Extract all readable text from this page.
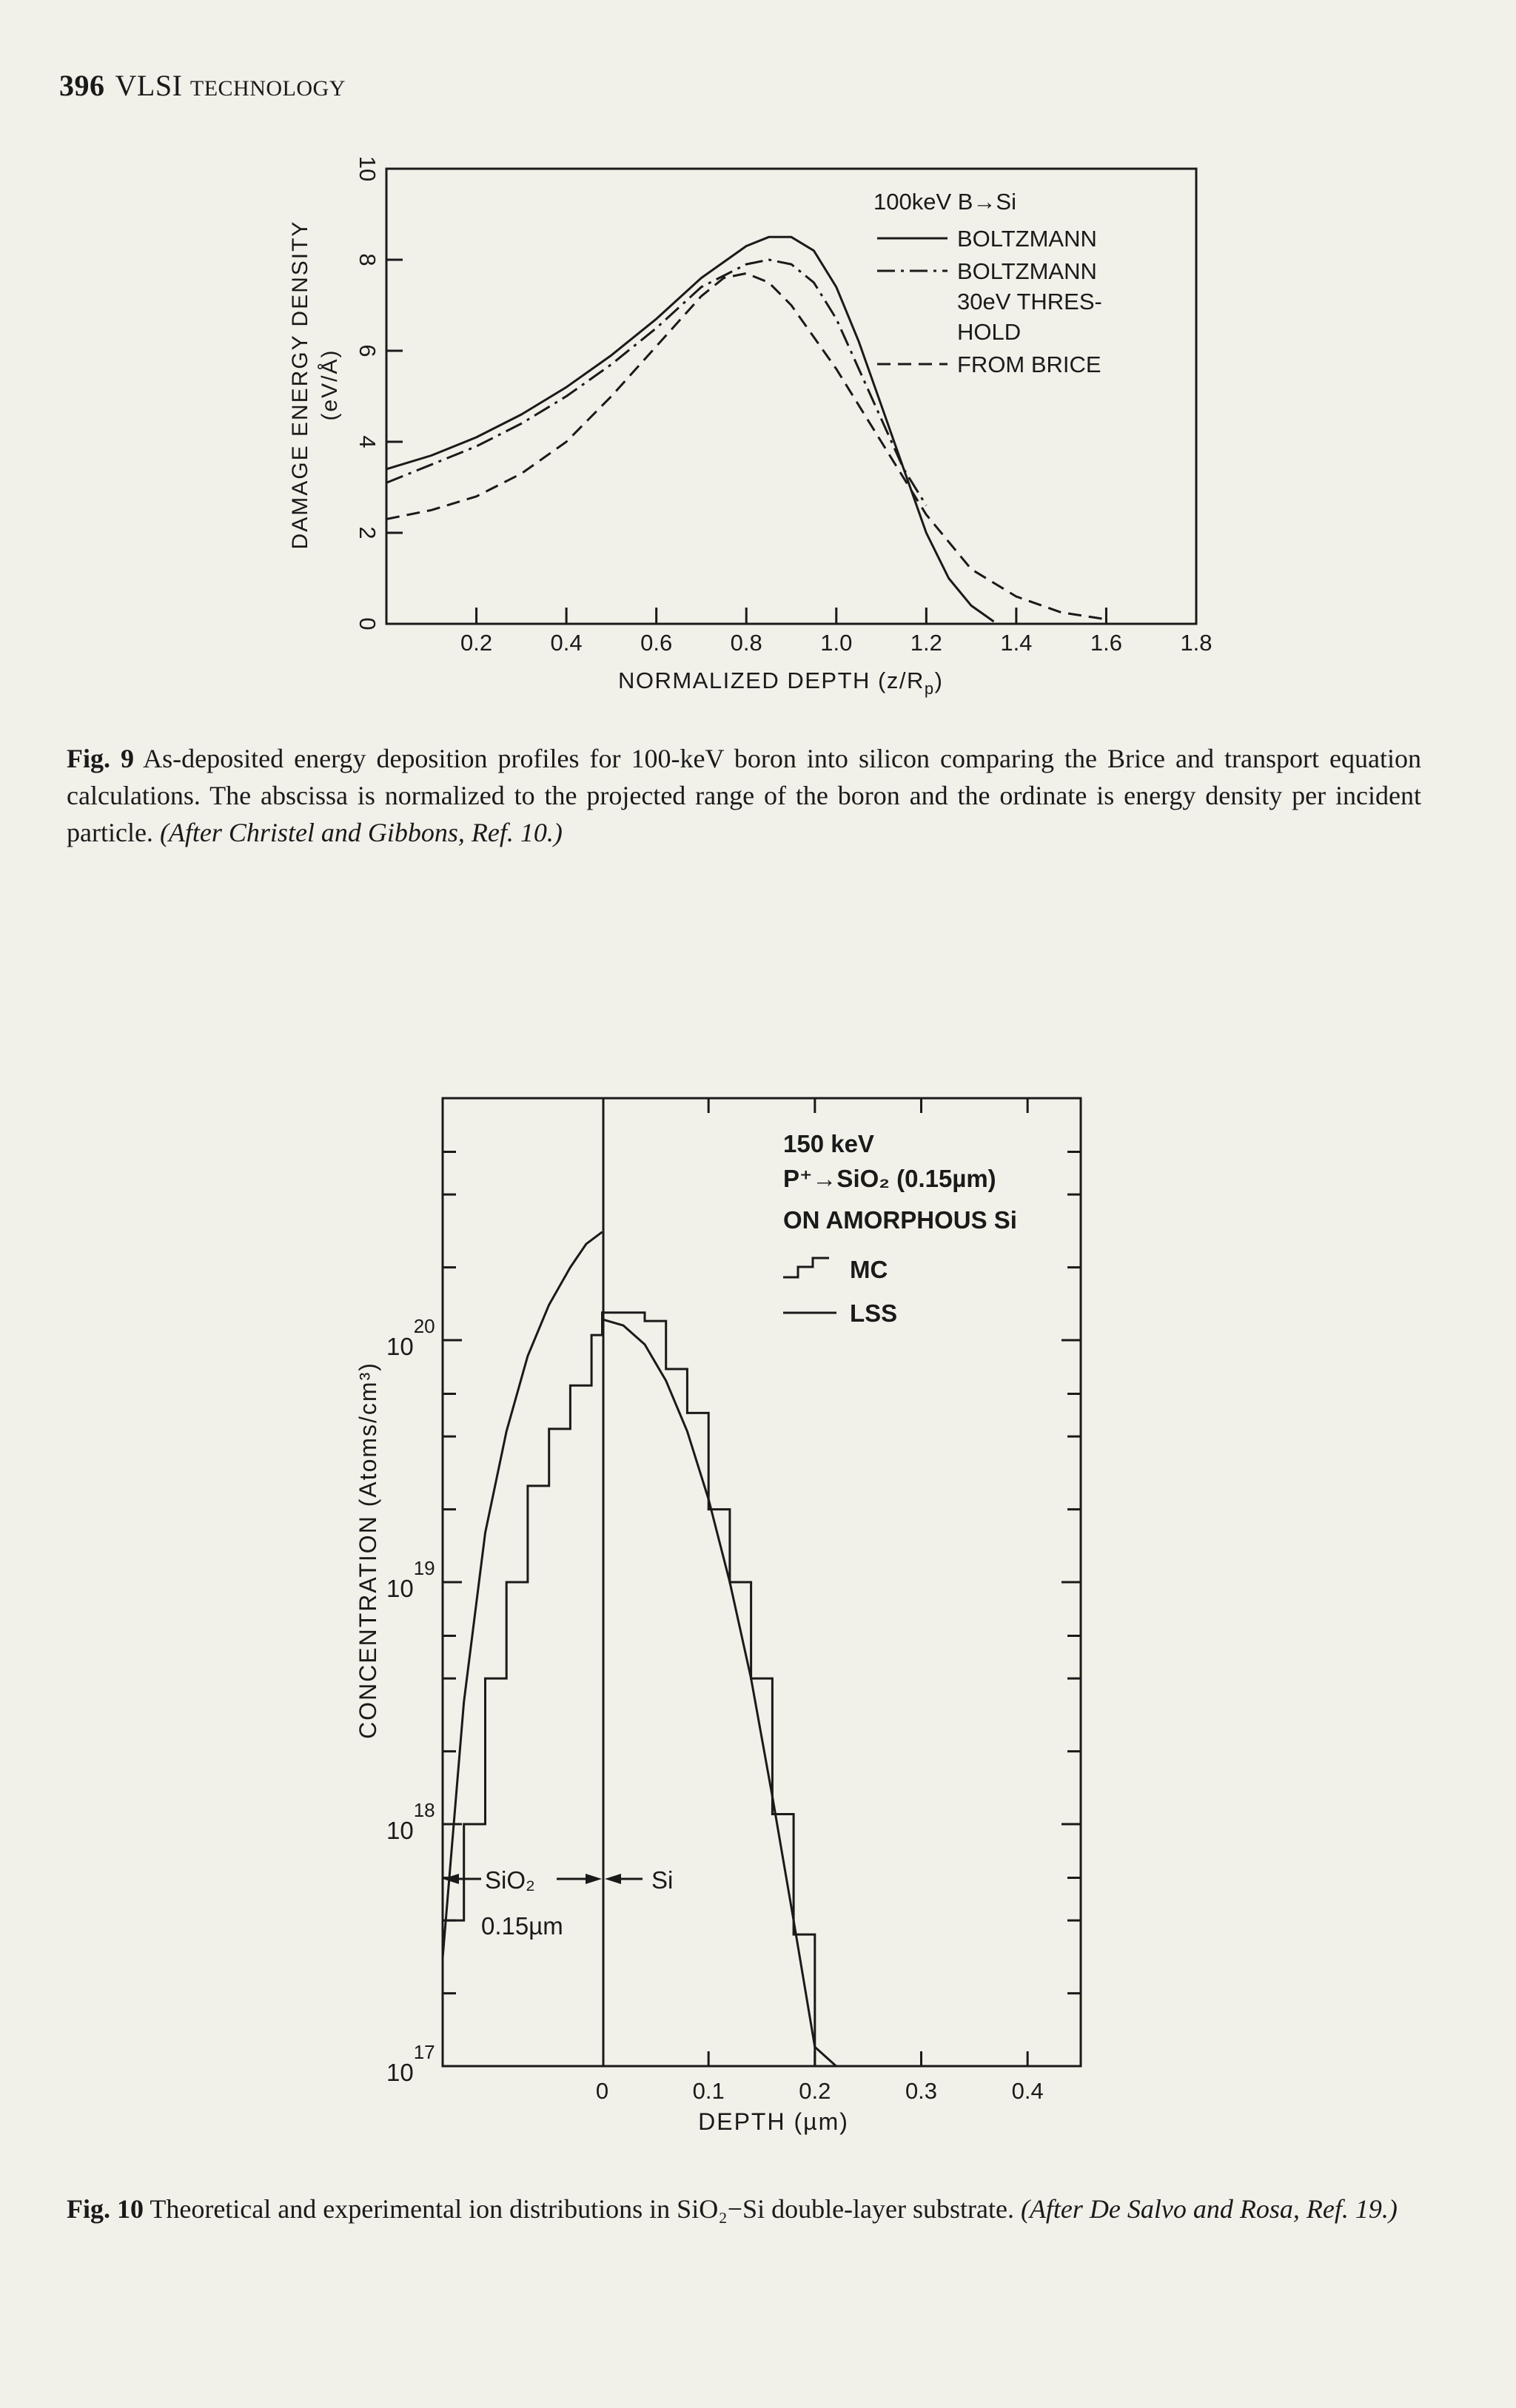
396 VLSI TECHNOLOGY
0.2	0.4	0.6	0.8	1.0	1.2	1.4	1.6	1.8
0
2
4
6
8
10
DAMAGE ENERGY DENSITY (eV/Å)
NORMALIZED DEPTH $(z/R_p)$
100keV B→Si
BOLTZMANN
BOLTZMANN 30eV THRES- HOLD
FROM BRICE
Fig. 9 As-deposited energy deposition profiles for 100-keV boron into silicon comparing the Brice and transport equation calculations. The abscissa is normalized to the projected range of the boron and the ordinate is energy density per incident particle. (After Christel and Gibbons, Ref. 10.)
0	0.1	0.2	0.3	0.4
$10^{17}$
$10^{18}$
$10^{19}$
$10^{20}$
CONCENTRATION (Atoms/cm³)
DEPTH (µm)
150 keV
P⁺→SiO₂ (0.15µm)
ON AMORPHOUS Si
MC
LSS
SiO₂	Si
0.15µm
Fig. 10 Theoretical and experimental ion distributions in SiO₂−Si double-layer substrate. (After De Salvo and Rosa, Ref. 19.)
